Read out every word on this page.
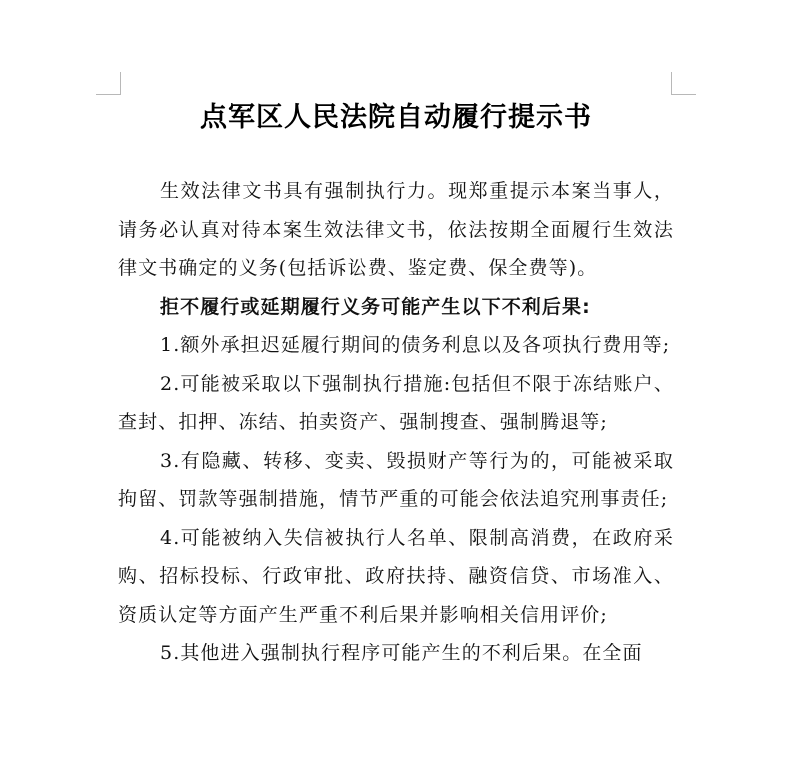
点军区人民法院自动履行提示书

生效法律文书具有强制执行力。现郑重提示本案当事人，请务必认真对待本案生效法律文书，依法按期全面履行生效法律文书确定的义务(包括诉讼费、鉴定费、保全费等)。

拒不履行或延期履行义务可能产生以下不利后果:

1.额外承担迟延履行期间的债务利息以及各项执行费用等;

2.可能被采取以下强制执行措施:包括但不限于冻结账户、查封、扣押、冻结、拍卖资产、强制搜查、强制腾退等;

3.有隐藏、转移、变卖、毁损财产等行为的，可能被采取拘留、罚款等强制措施，情节严重的可能会依法追究刑事责任;

4.可能被纳入失信被执行人名单、限制高消费，在政府采购、招标投标、行政审批、政府扶持、融资信贷、市场准入、资质认定等方面产生严重不利后果并影响相关信用评价;

5.其他进入强制执行程序可能产生的不利后果。在全面
